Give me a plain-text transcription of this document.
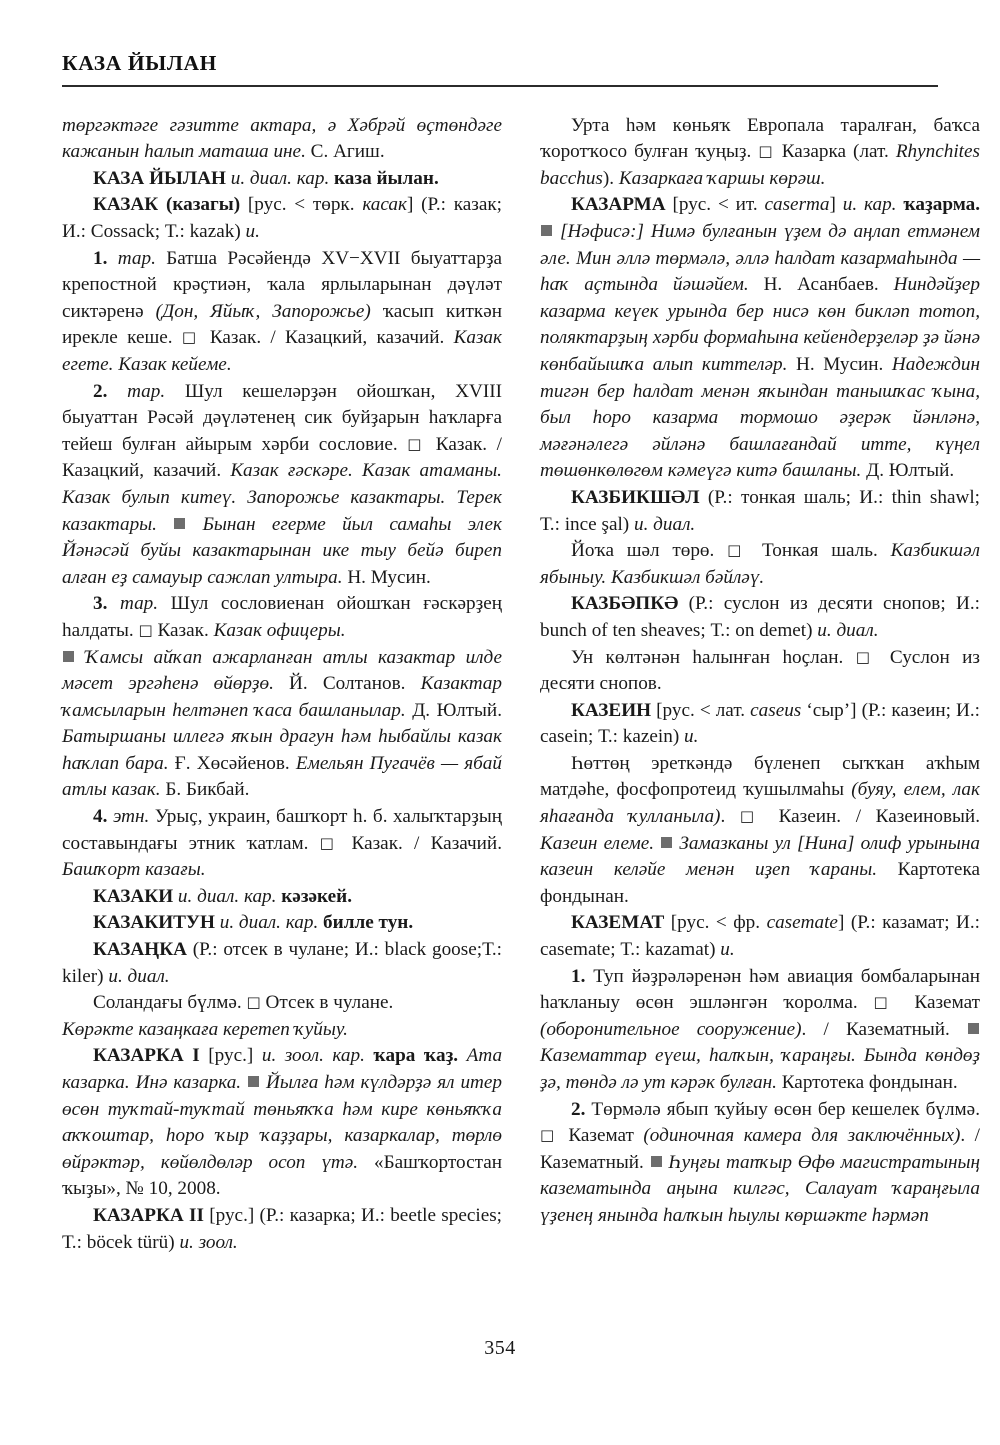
КАЗА ЙЫЛАН

төргәктәге гәзитте актара, ә Хәбрәй өҫтөндәге кажанын һалып маташа ине. С. Агиш.

КАЗА ЙЫЛАН и. диал. кар. каза йылан.

КАЗАК (казагы) [рус. < төрк. касак] (Р.: казак; И.: Cossack; Т.: kazak) и.

1. тар. Батша Рәсәйендә XV−XVII быуаттарҙа крепостной крәҫтиән, ҡала ярлыларынан дәүләт сиктәренә (Дон, Яйыҡ, Запорожье) ҡасып киткән ирекле кеше. □ Казак. / Казацкий, казачий. Казак егете. Казак кейеме.

2. тар. Шул кешеләрҙән ойошҡан, XVIII быуаттан Рәсәй дәүләтенең сик буйҙарын һаҡларға тейеш булған айырым хәрби сословие. □ Казак. / Казацкий, казачий. Казак ғәскәре. Казак атаманы. Казак булып китеү. Запорожье казактары. Терек казактары. Бынан егерме йыл самаһы элек Йәнәсәй буйы казактарынан ике тыу бейә биреп алған еҙ самауыр сажлап ултыра. Н. Мусин.

3. тар. Шул сословиенан ойошҡан ғәскәрҙең һалдаты. □ Казак. Казак офицеры.
Ҡамсы айҡап ажарланған атлы казактар илде мәсет эргәһенә өйөрҙө. Й. Солтанов. Казактар ҡамсыларын һелтәнеп ҡаса башланылар. Д. Юлтый. Батыршаны иллегә яҡын драгун һәм һыбайлы казак һаҡлап бара. Ғ. Хөсәйенов. Емельян Пугачёв — ябай атлы казак. Б. Бикбай.

4. этн. Урыҫ, украин, башҡорт һ. б. халыҡтарҙың составындағы этник ҡатлам. □ Казак. / Казачий. Башҡорт казағы.

КАЗАКИ и. диал. кар. кәзәкей.

КАЗАКИТУН и. диал. кар. билле тун.

КАЗАҢКА (Р.: отсек в чулане; И.: black goose;Т.: kiler) и. диал.

Соландағы бүлмә. □ Отсек в чулане.
Көрәкте казаңкаға керетеп ҡуйыу.

КАЗАРКА I [рус.] и. зоол. кар. ҡара ҡаҙ. Ата казарка. Инә казарка. Йылға һәм күлдәрҙә ял итер өсөн туҡтай-туҡтай төньяҡҡа һәм кире көньяҡҡа аҡҡоштар, һоро ҡыр ҡаҙҙары, казаркалар, төрлө өйрәктәр, көйөлдөләр осоп үтә. «Башҡортостан ҡыҙы», № 10, 2008.

КАЗАРКА II [рус.] (Р.: казарка; И.: beetle species; Т.: böcek türü) и. зоол.

Урта һәм көньяҡ Европала таралған, баҡса ҡоротҡосо булған ҡуңыҙ. □ Казарка (лат. Rhynchites bacchus). Казаркаға ҡаршы көрәш.

КАЗАРМА [рус. < ит. caserma] и. кар. ҡаҙарма.  [Нәфисә:] Нимә булғанын үҙем дә аңлап етмәнем әле. Мин әллә төрмәлә, әллә һалдат казармаһында — һаҡ аҫтында йәшәйем. Н. Асанбаев. Ниндәйҙер казарма кеүек урында бер нисә көн бикләп тотоп, поляктарҙың хәрби формаһына кейендерҙеләр ҙә йәнә көнбайышҡа алып киттеләр. Н. Мусин. Надеждин тигән бер һалдат менән яҡындан танышҡас ҡына, был һоро казарма тормошо әҙерәк йәнләнә, мәғәнәлегә әйләнә башлағандай итте, күңел төшөнкөлөгөм кәмеүгә китә башланы. Д. Юлтый.

КАЗБИКШӘЛ (Р.: тонкая шаль; И.: thin shawl; Т.: ince şal) и. диал.

Йоҡа шәл төрө. □ Тонкая шаль. Казбикшәл ябыныу. Казбикшәл бәйләү.

КАЗБӘПКӘ (Р.: суслон из десяти снопов; И.: bunch of ten sheaves; Т.: on demet) и. диал.

Ун көлтәнән һалынған һоҫлан. □ Суслон из десяти снопов.

КАЗЕИН [рус. < лат. caseus ‘сыр’] (Р.: казеин; И.: casein; Т.: kazein) и.

Һөттөң эреткәндә бүленеп сыҡҡан аҡһым матдәһе, фосфопротеид ҡушылмаһы (буяу, елем, лак яһағанда ҡулланыла). □ Казеин. / Казеиновый. Казеин елеме. Замазканы ул [Нина] олиф урынына казеин келәйе менән иҙеп ҡараны. Картотека фондынан.

КАЗЕМАТ [рус. < фр. casemate] (Р.: казамат; И.: casemate; Т.: kazamat) и.

1. Туп йәҙрәләренән һәм авиация бомбаларынан һаҡланыу өсөн эшләнгән ҡоролма. □ Каземат (оборонительное сооружение). / Казематный.  Казематтар еүеш, һалҡын, ҡараңғы. Бында көндөҙ ҙә, төндә лә ут кәрәк булған. Картотека фондынан.

2. Төрмәлә ябып ҡуйыу өсөн бер кешелек бүлмә. □ Каземат (одиночная камера для заключённых). / Казематный.  Һуңғы тапҡыр Өфө магистратының казематында аңына килгәс, Салауат ҡараңғыла үҙенең янында һалҡын һыулы көршәкте һәрмәп

354
